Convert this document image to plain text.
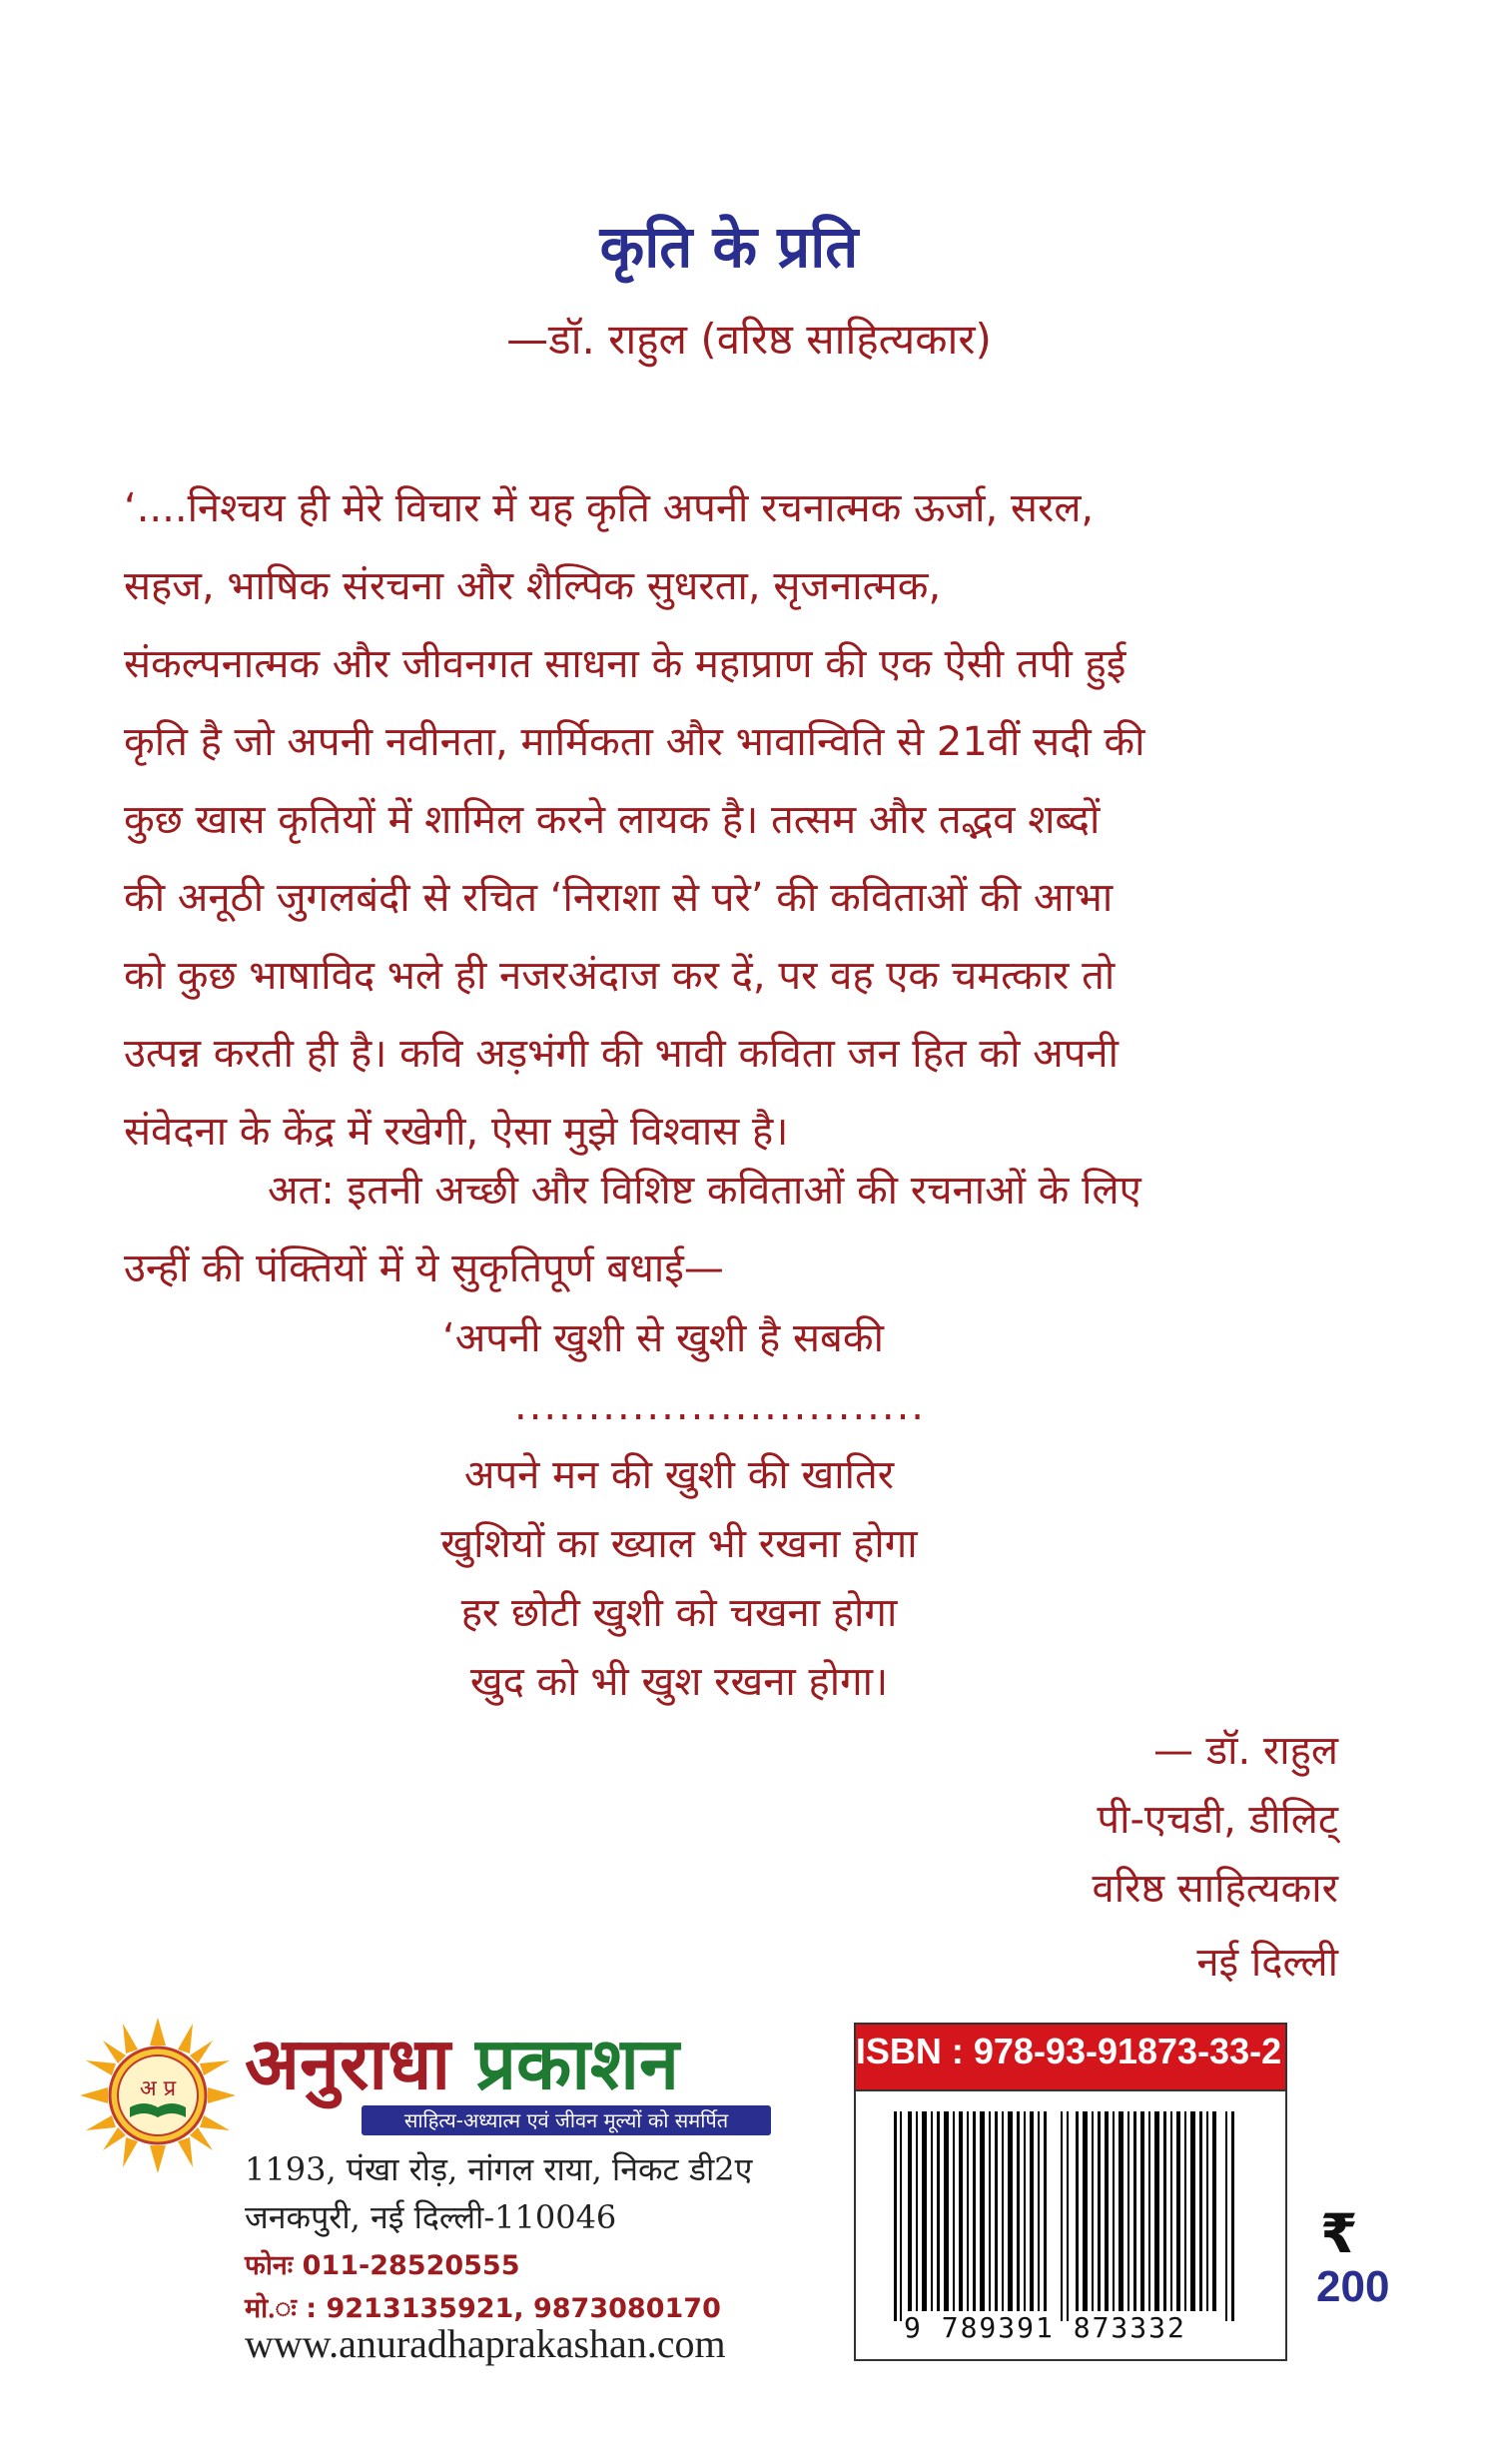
कृति के प्रति
—डॉ. राहुल (वरिष्ठ साहित्यकार)
‘....निश्चय ही मेरे विचार में यह कृति अपनी रचनात्मक ऊर्जा, सरल,
सहज, भाषिक संरचना और शैल्पिक सुधरता, सृजनात्मक,
संकल्पनात्मक और जीवनगत साधना के महाप्राण की एक ऐसी तपी हुई
कृति है जो अपनी नवीनता, मार्मिकता और भावान्विति से 21वीं सदी की
कुछ खास कृतियों में शामिल करने लायक है। तत्सम और तद्भव शब्दों
की अनूठी जुगलबंदी से रचित ‘निराशा से परे’ की कविताओं की आभा
को कुछ भाषाविद भले ही नजरअंदाज कर दें, पर वह एक चमत्कार तो
उत्पन्न करती ही है। कवि अड़भंगी की भावी कविता जन हित को अपनी
संवेदना के केंद्र में रखेगी, ऐसा मुझे विश्वास है।
अत: इतनी अच्छी और विशिष्ट कविताओं की रचनाओं के लिए
उन्हीं की पंक्तियों में ये सुकृतिपूर्ण बधाई—
‘अपनी खुशी से खुशी है सबकी
............................
अपने मन की खुशी की खातिर
खुशियों का ख्याल भी रखना होगा
हर छोटी खुशी को चखना होगा
खुद को भी खुश रखना होगा।
— डॉ. राहुल
पी-एचडी, डीलिट्
वरिष्ठ साहित्यकार
नई दिल्ली
अ प्र अनुराधा प्रकाशन
साहित्य-अध्यात्म एवं जीवन मूल्यों को समर्पित
1193, पंखा रोड़, नांगल राया, निकट डी2ए
जनकपुरी, नई दिल्ली-110046
फोनः 011-28520555
मो.ः : 9213135921, 9873080170
www.anuradhaprakashan.com
ISBN : 978-93-91873-33-2
9 789391 873332
₹
200
